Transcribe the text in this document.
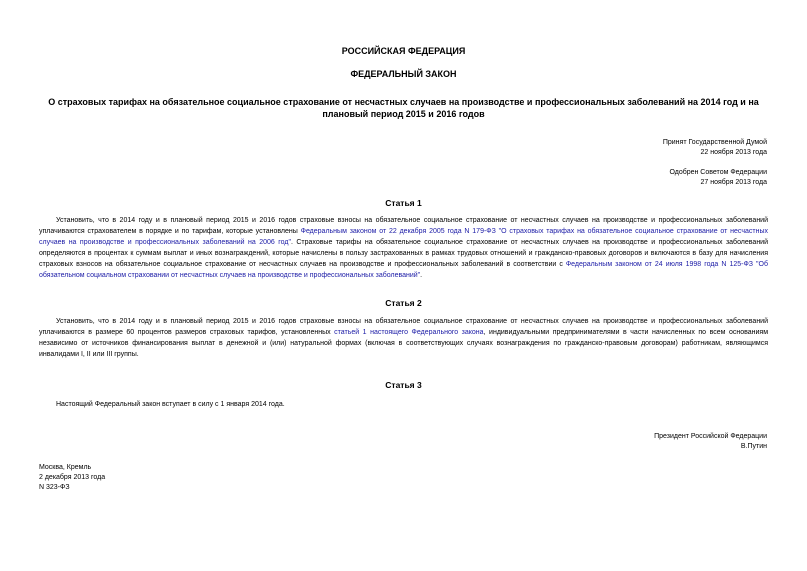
РОССИЙСКАЯ ФЕДЕРАЦИЯ
ФЕДЕРАЛЬНЫЙ ЗАКОН
О страховых тарифах на обязательное социальное страхование от несчастных случаев на производстве и профессиональных заболеваний на 2014 год и на плановый период 2015 и 2016 годов
Принят Государственной Думой
22 ноября 2013 года
Одобрен Советом Федерации
27 ноября 2013 года
Статья 1
Установить, что в 2014 году и в плановый период 2015 и 2016 годов страховые взносы на обязательное социальное страхование от несчастных случаев на производстве и профессиональных заболеваний уплачиваются страхователем в порядке и по тарифам, которые установлены Федеральным законом от 22 декабря 2005 года N 179-ФЗ "О страховых тарифах на обязательное социальное страхование от несчастных случаев на производстве и профессиональных заболеваний на 2006 год". Страховые тарифы на обязательное социальное страхование от несчастных случаев на производстве и профессиональных заболеваний определяются в процентах к суммам выплат и иных вознаграждений, которые начислены в пользу застрахованных в рамках трудовых отношений и гражданско-правовых договоров и включаются в базу для начисления страховых взносов на обязательное социальное страхование от несчастных случаев на производстве и профессиональных заболеваний в соответствии с Федеральным законом от 24 июля 1998 года N 125-ФЗ "Об обязательном социальном страховании от несчастных случаев на производстве и профессиональных заболеваний".
Статья 2
Установить, что в 2014 году и в плановый период 2015 и 2016 годов страховые взносы на обязательное социальное страхование от несчастных случаев на производстве и профессиональных заболеваний уплачиваются в размере 60 процентов размеров страховых тарифов, установленных статьей 1 настоящего Федерального закона, индивидуальными предпринимателями в части начисленных по всем основаниям независимо от источников финансирования выплат в денежной и (или) натуральной формах (включая в соответствующих случаях вознаграждения по гражданско-правовым договорам) работникам, являющимся инвалидами I, II или III группы.
Статья 3
Настоящий Федеральный закон вступает в силу с 1 января 2014 года.
Президент Российской Федерации
В.Путин
Москва, Кремль
2 декабря 2013 года
N 323-ФЗ
